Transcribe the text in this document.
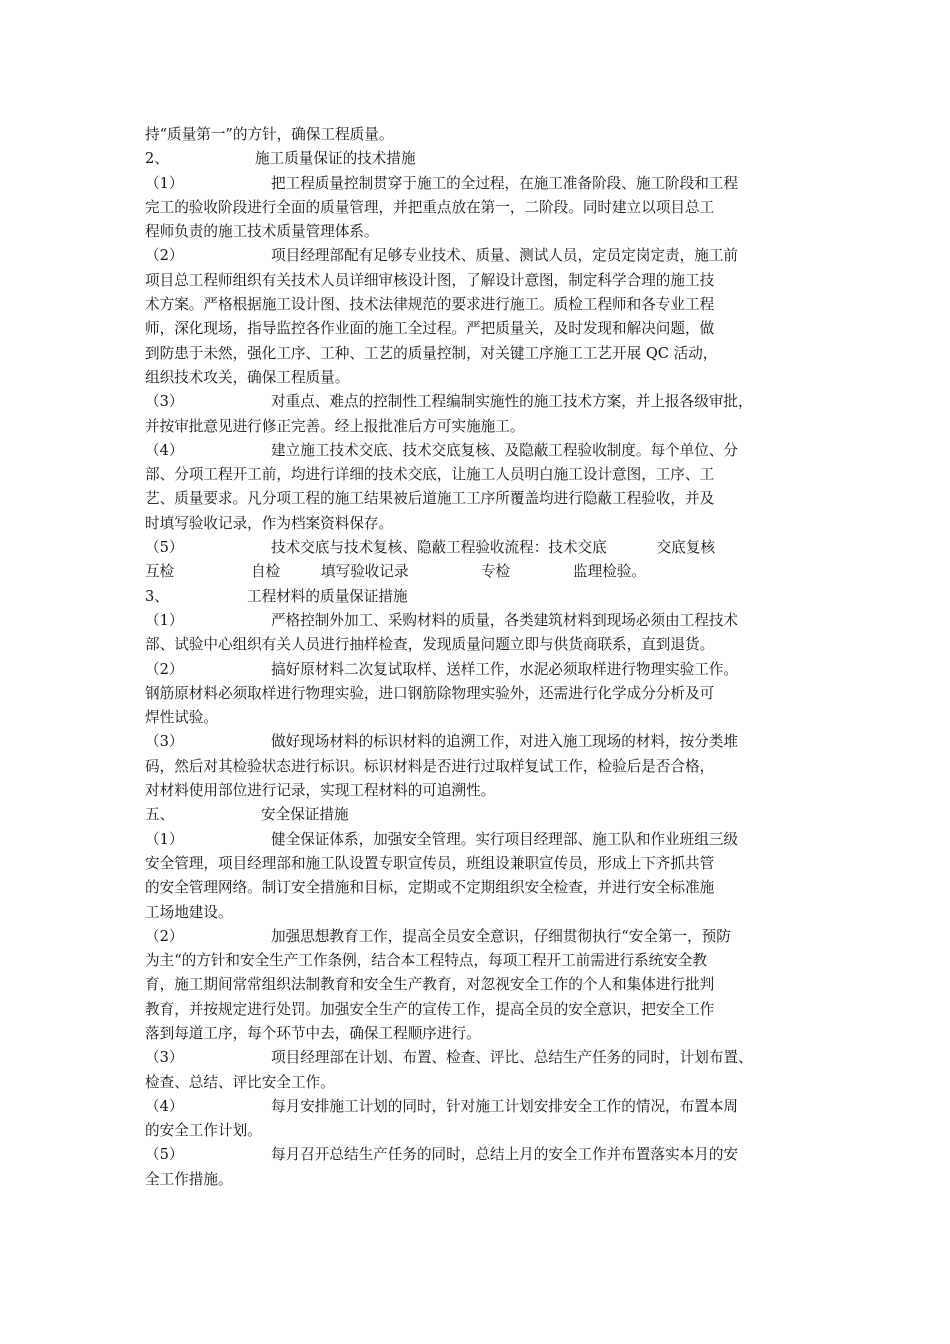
持“质量第一”的方针，确保工程质量。
2、	施工质量保证的技术措施
（1）	把工程质量控制贯穿于施工的全过程，在施工准备阶段、施工阶段和工程
完工的验收阶段进行全面的质量管理，并把重点放在第一，二阶段。同时建立以项目总工
程师负责的施工技术质量管理体系。
（2）	项目经理部配有足够专业技术、质量、测试人员，定员定岗定责，施工前
项目总工程师组织有关技术人员详细审核设计图，了解设计意图，制定科学合理的施工技
术方案。严格根据施工设计图、技术法律规范的要求进行施工。质检工程师和各专业工程
师，深化现场，指导监控各作业面的施工全过程。严把质量关，及时发现和解决问题，做
到防患于未然，强化工序、工种、工艺的质量控制，对关键工序施工工艺开展 QC 活动，
组织技术攻关，确保工程质量。
（3）	对重点、难点的控制性工程编制实施性的施工技术方案，并上报各级审批，
并按审批意见进行修正完善。经上报批准后方可实施施工。
（4）	建立施工技术交底、技术交底复核、及隐蔽工程验收制度。每个单位、分
部、分项工程开工前，均进行详细的技术交底，让施工人员明白施工设计意图，工序、工
艺、质量要求。凡分项工程的施工结果被后道施工工序所覆盖均进行隐蔽工程验收，并及
时填写验收记录，作为档案资料保存。
（5）	技术交底与技术复核、隐蔽工程验收流程：技术交底	交底复核
互检	自检	填写验收记录	专检	监理检验。
3、	工程材料的质量保证措施
（1）	严格控制外加工、采购材料的质量，各类建筑材料到现场必须由工程技术
部、试验中心组织有关人员进行抽样检查，发现质量问题立即与供货商联系，直到退货。
（2）	搞好原材料二次复试取样、送样工作，水泥必须取样进行物理实验工作。
钢筋原材料必须取样进行物理实验，进口钢筋除物理实验外，还需进行化学成分分析及可
焊性试验。
（3）	做好现场材料的标识材料的追溯工作，对进入施工现场的材料，按分类堆
码，然后对其检验状态进行标识。标识材料是否进行过取样复试工作，检验后是否合格，
对材料使用部位进行记录，实现工程材料的可追溯性。
五、	安全保证措施
（1）	健全保证体系，加强安全管理。实行项目经理部、施工队和作业班组三级
安全管理，项目经理部和施工队设置专职宣传员，班组设兼职宣传员，形成上下齐抓共管
的安全管理网络。制订安全措施和目标，定期或不定期组织安全检查，并进行安全标准施
工场地建设。
（2）	加强思想教育工作，提高全员安全意识，仔细贯彻执行“安全第一，预防
为主“的方针和安全生产工作条例，结合本工程特点，每项工程开工前需进行系统安全教
育，施工期间常常组织法制教育和安全生产教育，对忽视安全工作的个人和集体进行批判
教育，并按规定进行处罚。加强安全生产的宣传工作，提高全员的安全意识，把安全工作
落到每道工序，每个环节中去，确保工程顺序进行。
（3）	项目经理部在计划、布置、检查、评比、总结生产任务的同时，计划布置、
检查、总结、评比安全工作。
（4）	每月安排施工计划的同时，针对施工计划安排安全工作的情况，布置本周
的安全工作计划。
（5）	每月召开总结生产任务的同时，总结上月的安全工作并布置落实本月的安
全工作措施。
